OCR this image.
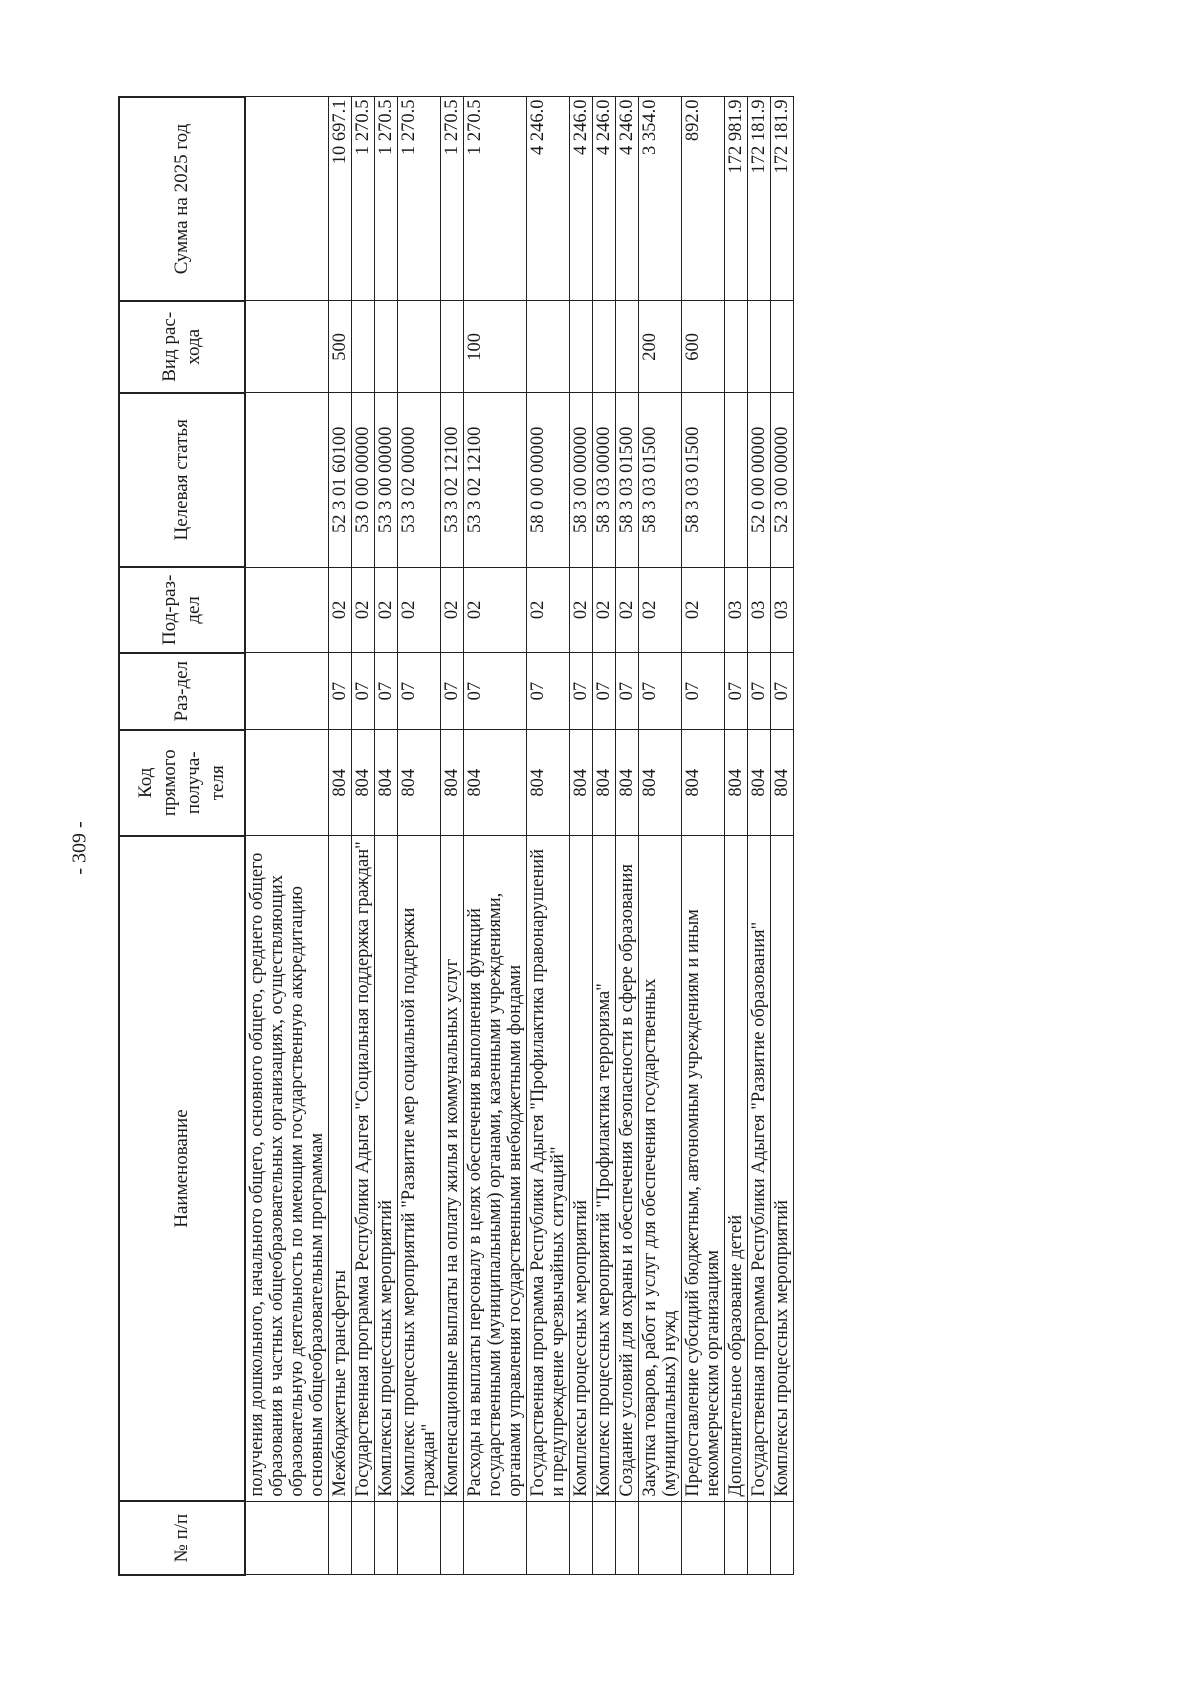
- 309 -
№ п/п	Наименование	Код прямого получа-теля	Раз-дел	Под-раз-дел	Целевая статья	Вид рас-хода	Сумма на 2025 год
	получения дошкольного, начального общего, основного общего, среднего общего образования в частных общеобразовательных организациях, осуществляющих образовательную деятельность по имеющим государственную аккредитацию основным общеобразовательным программам						
	Межбюджетные трансферты	804	07	02	52 3 01 60100	500	10 697.1
	Государственная программа Республики Адыгея "Социальная поддержка граждан"	804	07	02	53 0 00 00000		1 270.5
	Комплексы процессных мероприятий	804	07	02	53 3 00 00000		1 270.5
	Комплекс процессных мероприятий "Развитие мер социальной поддержки граждан"	804	07	02	53 3 02 00000		1 270.5
	Компенсационные выплаты на оплату жилья и коммунальных услуг	804	07	02	53 3 02 12100		1 270.5
	Расходы на выплаты персоналу в целях обеспечения выполнения функций государственными (муниципальными) органами, казенными учреждениями, органами управления государственными внебюджетными фондами	804	07	02	53 3 02 12100	100	1 270.5
	Государственная программа Республики Адыгея "Профилактика правонарушений и предупреждение чрезвычайных ситуаций"	804	07	02	58 0 00 00000		4 246.0
	Комплексы процессных мероприятий	804	07	02	58 3 00 00000		4 246.0
	Комплекс процессных мероприятий "Профилактика терроризма"	804	07	02	58 3 03 00000		4 246.0
	Создание условий для охраны и обеспечения безопасности в сфере образования	804	07	02	58 3 03 01500		4 246.0
	Закупка товаров, работ и услуг для обеспечения государственных (муниципальных) нужд	804	07	02	58 3 03 01500	200	3 354.0
	Предоставление субсидий бюджетным, автономным учреждениям и иным некоммерческим организациям	804	07	02	58 3 03 01500	600	892.0
	Дополнительное образование детей	804	07	03			172 981.9
	Государственная программа Республики Адыгея "Развитие образования"	804	07	03	52 0 00 00000		172 181.9
	Комплексы процессных мероприятий	804	07	03	52 3 00 00000		172 181.9
